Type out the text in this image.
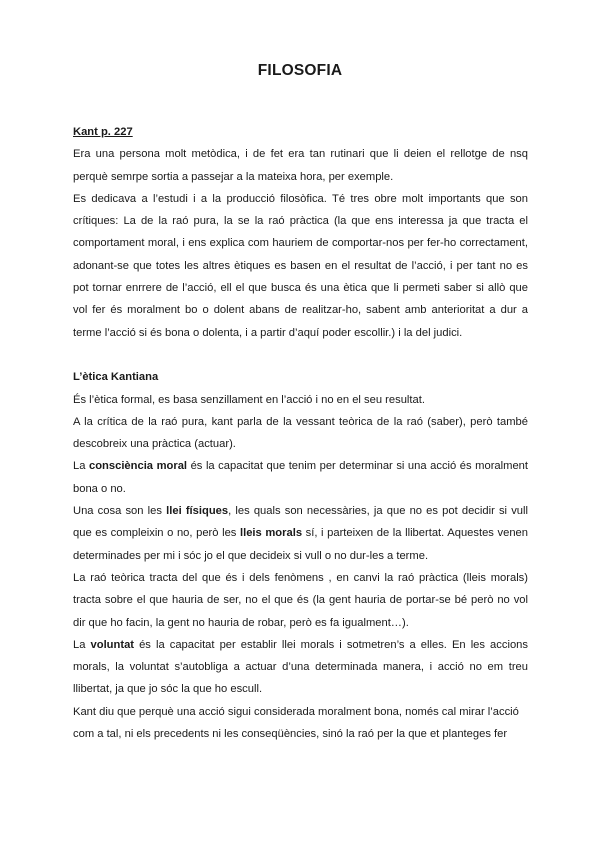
FILOSOFIA

Kant p. 227

Era una persona molt metòdica, i de fet era tan rutinari que li deien el rellotge de nsq perquè semrpe sortia a passejar a la mateixa hora, per exemple.

Es dedicava a l’estudi i a la producció filosòfica. Té tres obre molt importants que son crítiques: La de la raó pura, la se la raó pràctica (la que ens interessa ja que tracta el comportament moral, i ens explica com hauriem de comportar-nos per fer-ho correctament, adonant-se que totes les altres ètiques es basen en el resultat de l’acció, i per tant no es pot tornar enrrere de l’acció, ell el que busca és una ètica que li permeti saber si allò que vol fer és moralment bo o dolent abans de realitzar-ho, sabent amb anterioritat a dur a terme l’acció si és bona o dolenta, i a partir d’aquí poder escollir.) i la del judici.

L’ètica Kantiana

És l’ètica formal, es basa senzillament en l’acció i no en el seu resultat.

A la crítica de la raó pura, kant parla de la vessant teòrica de la raó (saber), però també descobreix una pràctica (actuar).

La consciència moral és la capacitat que tenim per determinar si una acció és moralment bona o no.

Una cosa son les llei físiques, les quals son necessàries, ja que no es pot decidir si vull que es compleixin o no, però les lleis morals sí, i parteixen de la llibertat. Aquestes venen determinades per mi i sóc jo el que decideix si vull o no dur-les a terme.

La raó teòrica tracta del que és i dels fenòmens , en canvi la raó pràctica (lleis morals) tracta sobre el que hauria de ser, no el que és (la gent hauria de portar-se bé però no vol dir que ho facin, la gent no hauria de robar, però es fa igualment…).

La voluntat és la capacitat per establir llei morals i sotmetren’s a elles. En les accions morals, la voluntat s’autobliga a actuar d’una determinada manera, i acció no em treu llibertat, ja que jo sóc la que ho escull.

Kant diu que perquè una acció sigui considerada moralment bona, només cal mirar l’acció com a tal, ni els precedents ni les conseqüències, sinó la raó per la que et planteges fer
